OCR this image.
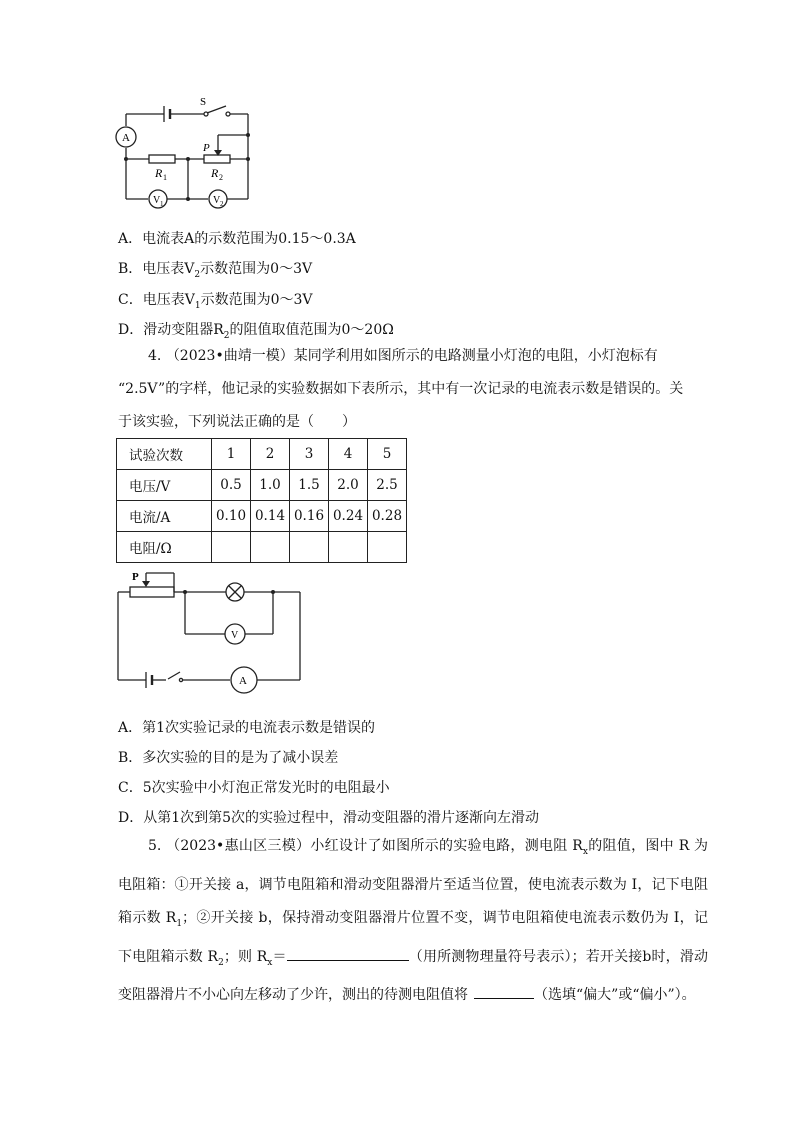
S
A
P
R 1	R 2
V 1	V 2
A．电流表A的示数范围为0.15～0.3A
B．电压表$V_2$示数范围为0～3V
C．电压表$V_1$示数范围为0～3V
D．滑动变阻器$R_2$的阻值取值范围为0～20Ω
4. （2023•曲靖一模）某同学利用如图所示的电路测量小灯泡的电阻，小灯泡标有
“2.5V”的字样，他记录的实验数据如下表所示，其中有一次记录的电流表示数是错误的。关
于该实验，下列说法正确的是（　　）
试验次数	1	2	3	4	5
电压/V	0.5	1.0	1.5	2.0	2.5
电流/A	0.10	0.14	0.16	0.24	0.28
电阻/Ω					
P
V
A
A．第1次实验记录的电流表示数是错误的
B．多次实验的目的是为了减小误差
C．5次实验中小灯泡正常发光时的电阻最小
D．从第1次到第5次的实验过程中，滑动变阻器的滑片逐渐向左滑动
5. （2023•惠山区三模）小红设计了如图所示的实验电路，测电阻 $R_x$的阻值，图中 R 为电阻箱：①开关接 a，调节电阻箱和滑动变阻器滑片至适当位置，使电流表示数为 I，记下电阻箱示数 $R_1$；②开关接 b，保持滑动变阻器滑片位置不变，调节电阻箱使电流表示数仍为 I，记下电阻箱示数 $R_2$；则 $R_x=$	（用所测物理量符号表示）；若开关接b时，滑动变阻器滑片不小心向左移动了少许，测出的待测电阻值将	（选填“偏大”或“偏小”）。
